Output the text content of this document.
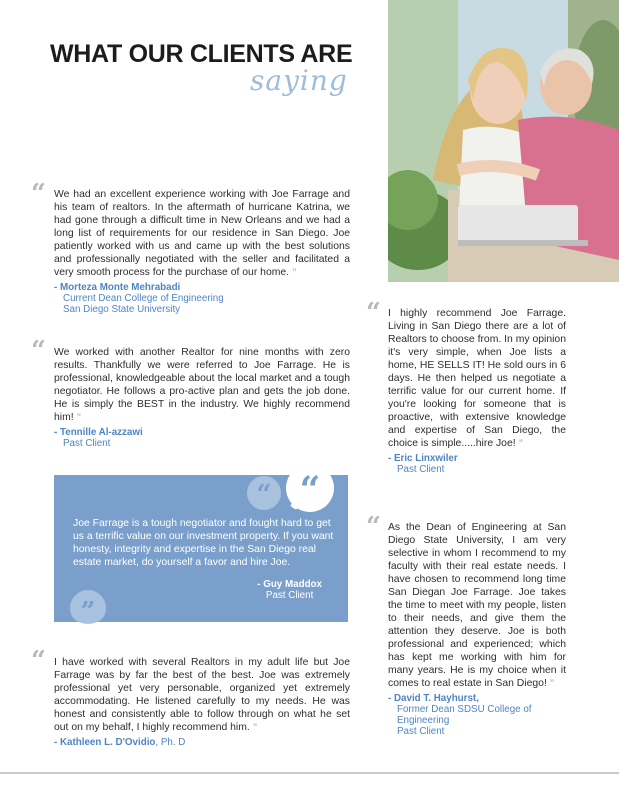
WHAT OUR CLIENTS ARE
saying
“ We had an excellent experience working with Joe Farrage and his team of realtors. In the aftermath of hurricane Katrina, we had gone through a difficult time in New Orleans and we had a long list of requirements for our residence in San Diego. Joe patiently worked with us and came up with the best solutions and professionally negotiated with the seller and facilitated a very smooth process for the purchase of our home. ”

- Morteza Monte Mehrabadi
Current Dean College of Engineering
San Diego State University
“ We worked with another Realtor for nine months with zero results. Thankfully we were referred to Joe Farrage. He is professional, knowledgeable about the local market and a tough negotiator. He follows a pro-active plan and gets the job done. He is simply the BEST in the industry. We highly recommend him! ”

- Tennille Al-azzawi
Past Client
“ “
Joe Farrage is a tough negotiator and fought hard to get us a terrific value on our investment property. If you want honesty, integrity and expertise in the San Diego real estate market, do yourself a favor and hire Joe.
- Guy Maddox
Past Client
”
“ I have worked with several Realtors in my adult life but Joe Farrage was by far the best of the best. Joe was extremely professional yet very personable, organized yet extremely accommodating. He listened carefully to my needs. He was honest and consistently able to follow through on what he set out on my behalf, I highly recommend him. ”

- Kathleen L. D'Ovidio, Ph. D
“ I highly recommend Joe Farrage. Living in San Diego there are a lot of Realtors to choose from. In my opinion it's very simple, when Joe lists a home, HE SELLS IT! He sold ours in 6 days. He then helped us negotiate a terrific value for our current home. If you're looking for someone that is proactive, with extensive knowledge and expertise of San Diego, the choice is simple.....hire Joe! ”

- Eric Linxwiler
Past Client
“ As the Dean of Engineering at San Diego State University, I am very selective in whom I recommend to my faculty with their real estate needs. I have chosen to recommend long time San Diegan Joe Farrage. Joe takes the time to meet with my people, listen to their needs, and give them the attention they deserve. Joe is both professional and experienced; which has kept me working with him for many years. He is my choice when it comes to real estate in San Diego! ”

- David T. Hayhurst,
Former Dean SDSU College of
Engineering
Past Client
